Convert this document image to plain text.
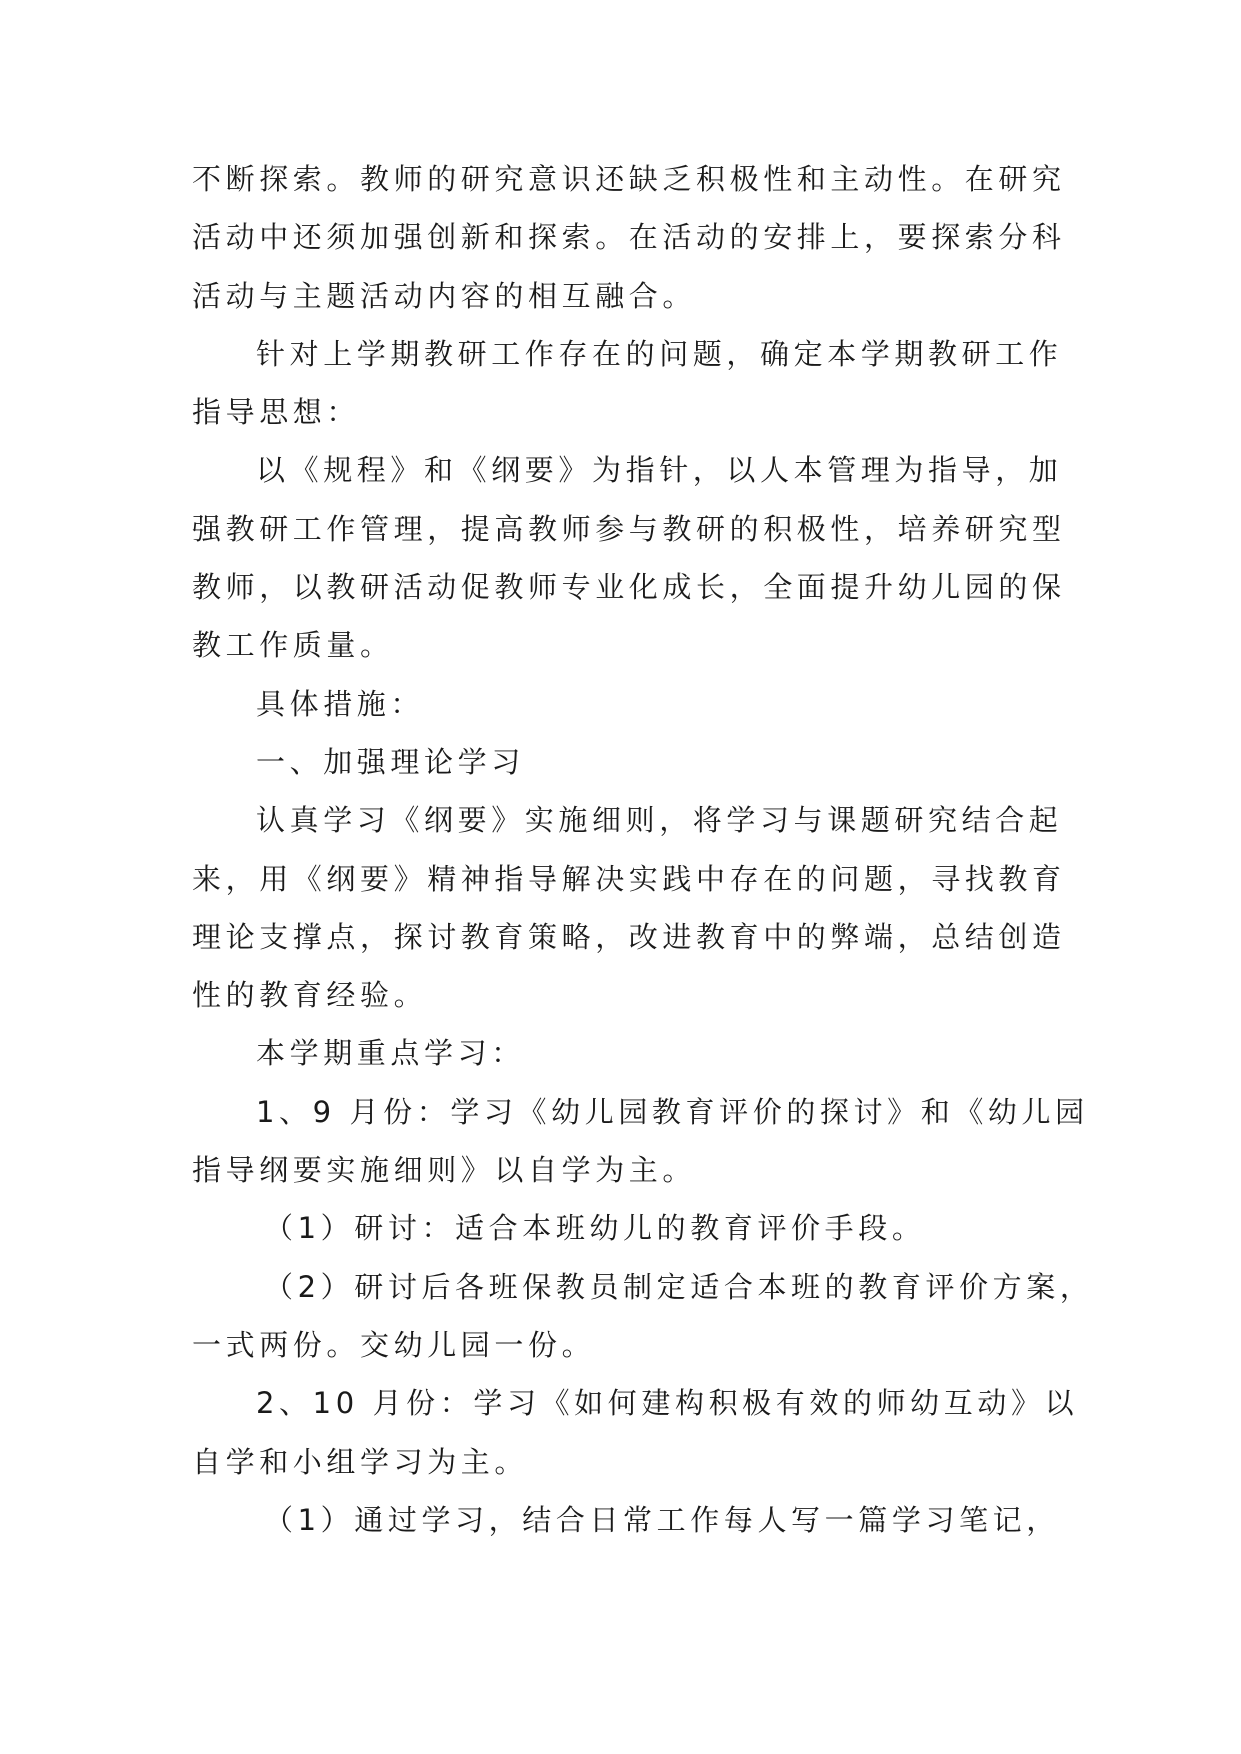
不断探索。教师的研究意识还缺乏积极性和主动性。在研究
活动中还须加强创新和探索。在活动的安排上，要探索分科
活动与主题活动内容的相互融合。
针对上学期教研工作存在的问题，确定本学期教研工作
指导思想：
以《规程》和《纲要》为指针，以人本管理为指导，加
强教研工作管理，提高教师参与教研的积极性，培养研究型
教师，以教研活动促教师专业化成长，全面提升幼儿园的保
教工作质量。
具体措施：
一、加强理论学习
认真学习《纲要》实施细则，将学习与课题研究结合起
来，用《纲要》精神指导解决实践中存在的问题，寻找教育
理论支撑点，探讨教育策略，改进教育中的弊端，总结创造
性的教育经验。
本学期重点学习：
1、9 月份：学习《幼儿园教育评价的探讨》和《幼儿园
指导纲要实施细则》以自学为主。
（1）研讨：适合本班幼儿的教育评价手段。
（2）研讨后各班保教员制定适合本班的教育评价方案，
一式两份。交幼儿园一份。
2、10 月份：学习《如何建构积极有效的师幼互动》以
自学和小组学习为主。
（1）通过学习，结合日常工作每人写一篇学习笔记，
